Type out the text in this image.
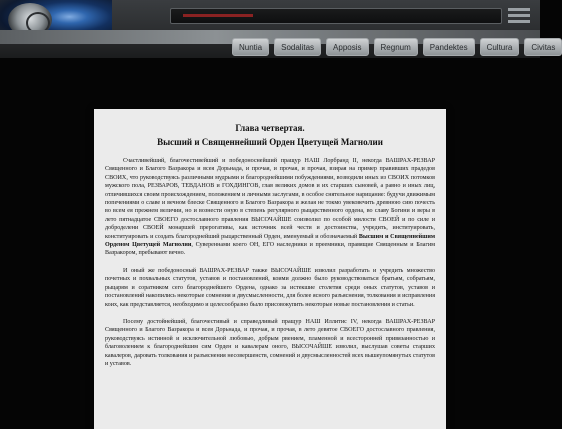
Nuntia	Sodalitas	Apposis	Regnum	Pandektes	Cultura	Civitas
Глава четвертая.
Высший и Священнейший Орден Цветущей Магнолии

Счастливейший, благочестивейший и победоноснейший пращур НАШ Лорбранд II, некогда ВАШРАХ-РЕЗВАР Священного и Благого Вазракора и всея Дорьнада, и прочая, и прочая, и прочая, взирая на пример правивших прадедов СВОИХ, что руководствуясь различными мудрыми и благороднейшими побуждениями, возводили иных из СВОИХ потомков мужского пола, РЕЗВАРОВ, ТЕВДАНОВ и ГОХДИНГОВ, глав великих домов и их старших сыновей, а равно и иных лиц, отличившихся своим происхождением, положением и личными заслугами, в особое снятельное нарицание: будучи движимым попечениями о славе и вечном блеске Священного и Благого Вазракора и желая не токмо увековечить древнюю сию почесть во всем ея прежнем величии, но и вознести оную в степень регулярного рыцарственного ордена, во славу Богини и веры в лето пятнадцатое СВОЕГО достославного правления ВЫСОЧАЙШЕ соизволил по особой милости СВОЕЙ и по силе и доброделени СВОЕЙ монаршей прерогативы, как источник всей чести и достоинства, учредить, институировать, конституировать и создать благороднейший рыцарственный Орден, именуемый и обозначаемый Высшим и Священнейшим Орденом Цветущей Магнолии, Сувереннами коего ОН, ЕГО наследники и преемники, правящие Священным и Благим Вазракором, пребывают вечно.

И оный же победоносный ВАШРАХ-РЕЗВАР также ВЫСОЧАЙШЕ изволил разработать и учредить множество почетных и похвальных статутов, уставов и постановлений, коими должно было руководствоваться братьям, собратьям, рыцарям и соратником сего благороднейшего Ордена, однако за истекшие столетия среди оных статутов, уставов и постановлений накопились некоторые сомнения и двусмысленности, для более ясного разъяснения, толкования и исправления коих, как представляется, необходимо и целесообразно было присовокупить некоторые новые постановления и статьи.

Посему достойнейший, благочестивый и справедливый пращур НАШ Иллитис IV, некогда ВАШРАХ-РЕЗВАР Священного и Благого Вазракора и всея Дорьнада, и прочая, и прочая, в лето девятое СВОЕГО достославного правления, руководствуясь истинной и исключительной любовью, добрым рвением, пламенной и всесторонней привязанностью и благоволением к благороднейшим сим Орден и кавалерам оного, ВЫСОЧАЙШЕ изволил, выслушав советы старших кавалеров, даровать толкования и разъяснения несовершенств, сомнений и двусмысленностей всех вышеупомянутых статутов и уставов.
